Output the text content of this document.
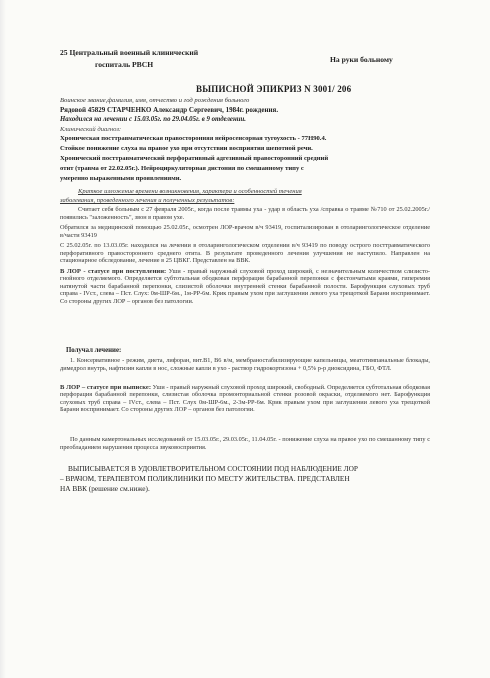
25 Центральный военный клинический
госпиталь РВСН
На руки больному
ВЫПИСНОЙ ЭПИКРИЗ N 3001/ 206
Воинское звание,фамилия, имя, отчество и год рождения больного
Рядовой 45829 СТАРЧЕНКО Александр Сергеевич, 1984г. рождения.
Находился на лечении с 15.03.05г. по 29.04.05г. в 9 отделении.
Клинический диагноз:
Хроническая посттравматическая правосторонняя нейросенсорная тугоухость - 77Н90.4.
Стойкое понижение слуха на правое ухо при отсутствии восприятия шепотной речи.
Хронический посттравматический перфоративный адгезивный правосторонний средний
отит (травма от 22.02.05г.). Нейроциркуляторная дистония по смешанному типу с
умеренно выраженными проявлениями.
Краткое изложение времени возникновения, характера и особенностей течения
заболевания, проведенного лечения и полученных результатов:
Считает себя больным с 27 февраля 2005г., когда после травмы уха - удар в область уха /справка о травме №710 от 25.02.2005г./ появились "заложенность", звон в правом ухе.
Обратился за медицинской помощью 25.02.05г., осмотрен ЛОР-врачом в/ч 93419, госпитализирован в отоларингологическое отделение в/части 93419
С 25.02.05г. по 13.03.05г. находился на лечении в отоларингологическом отделении в/ч 93419 по поводу острого посттравматического перфоративного правостороннего среднего отита. В результате проведенного лечения улучшения не наступило. Направлен на стационарное обследование, лечение в 25 ЦВКГ. Представлен на ВВК.
В ЛОР - статусе при поступлении: Уши - правый наружный слуховой проход широкий, с незначительным количеством слизисто-гнойного отделяемого. Определяется субтотальная ободковая перфорация барабанной перепонки с фестончатыми краями, гиперемия натянутой части барабанной перепонки, слизистой оболочки внутренней стенки барабанной полости. Барофункция слуховых труб справа - IVст., слева – Пст. Слух: 0м-ШР-6м., 1м-РР-6м. Крик правым ухом при заглушении левого уха трещоткой Барани воспринимает. Со стороны других ЛОР – органов без патологии.
Получал лечение:
1. Консервативное - режим, диета, лифоран, вит.B1, B6 в/м, мембраностабилизирующие капельницы, меатотимпанальные блокады, димедрол внутрь, нафтизин капли в нос, сложные капли в ухо - раствор гидрокортизона + 0,5% р-р диоксидина, ГБО, ФТЛ.
В ЛОР – статусе при выписке: Уши - правый наружный слуховой проход широкий, свободный. Определяется субтотальная ободковая перфорация барабанной перепонки, слизистая оболочка промонториальной стенки розовой окраски, отделяемого нет. Барофункция слуховых труб справа – IVст., слева – Пст. Слух 0м-ШР-6м., 2-3м-РР-6м. Крик правым ухом при заглушении левого уха трещоткой Барани воспринимает. Со стороны других ЛОР – органов без патологии.
По данным камертональных исследований от 15.03.05г., 29.03.05г., 11.04.05г. - понижение слуха на правое ухо по смешанному типу с преобладанием нарушения процесса звуковосприятия.
ВЫПИСЫВАЕТСЯ В УДОВЛЕТВОРИТЕЛЬНОМ СОСТОЯНИИ ПОД НАБЛЮДЕНИЕ ЛОР
– ВРАЧОМ, ТЕРАПЕВТОМ ПОЛИКЛИНИКИ ПО МЕСТУ ЖИТЕЛЬСТВА. ПРЕДСТАВЛЕН
НА ВВК (решение см.ниже).
